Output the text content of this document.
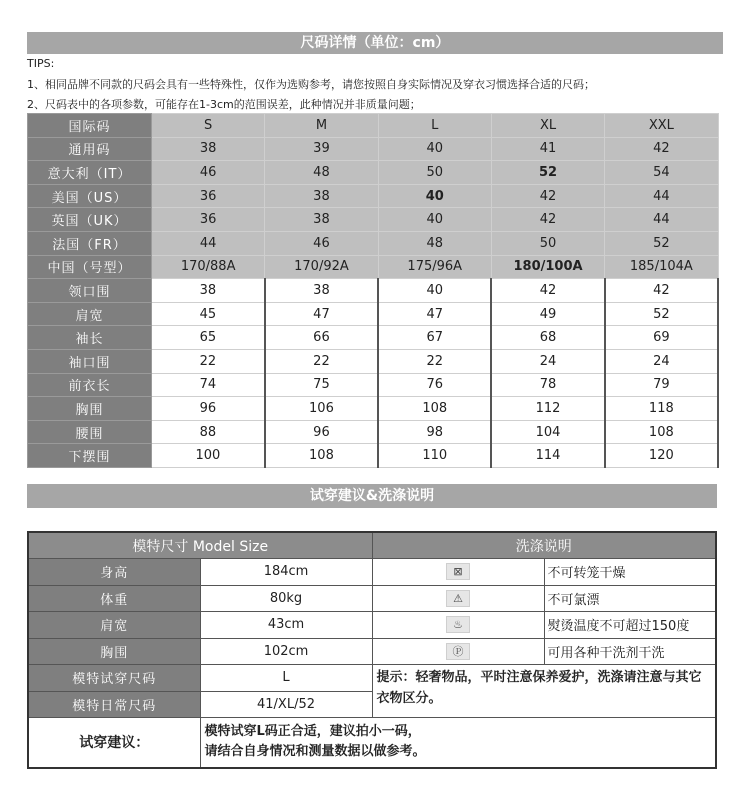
尺码详情（单位：cm）
TIPS:
1、相同品牌不同款的尺码会具有一些特殊性，仅作为选购参考，请您按照自身实际情况及穿衣习惯选择合适的尺码；
2、尺码表中的各项参数，可能存在1-3cm的范围误差，此种情况并非质量问题；
国际码	S	M	L	XL	XXL
通用码	38	39	40	41	42
意大利（IT）	46	48	50	52	54
美国（US）	36	38	40	42	44
英国（UK）	36	38	40	42	44
法国（FR）	44	46	48	50	52
中国（号型）	170/88A	170/92A	175/96A	180/100A	185/104A
领口围	38	38	40	42	42
肩宽	45	47	47	49	52
袖长	65	66	67	68	69
袖口围	22	22	22	24	24
前衣长	74	75	76	78	79
胸围	96	106	108	112	118
腰围	88	96	98	104	108
下摆围	100	108	110	114	120
试穿建议&洗涤说明
模特尺寸 Model Size		洗涤说明	
身高	184cm	⊠	不可转笼干燥
体重	80kg	⚠	不可氯漂
肩宽	43cm	♨	熨烫温度不可超过150度
胸围	102cm	Ⓟ	可用各种干洗剂干洗
模特试穿尺码	L	提示：轻奢物品，平时注意保养爱护，洗涤请注意与其它衣物区分。	
模特日常尺码	41/XL/52		
试穿建议：	模特试穿L码正合适，建议拍小一码，
请结合自身情况和测量数据以做参考。		
